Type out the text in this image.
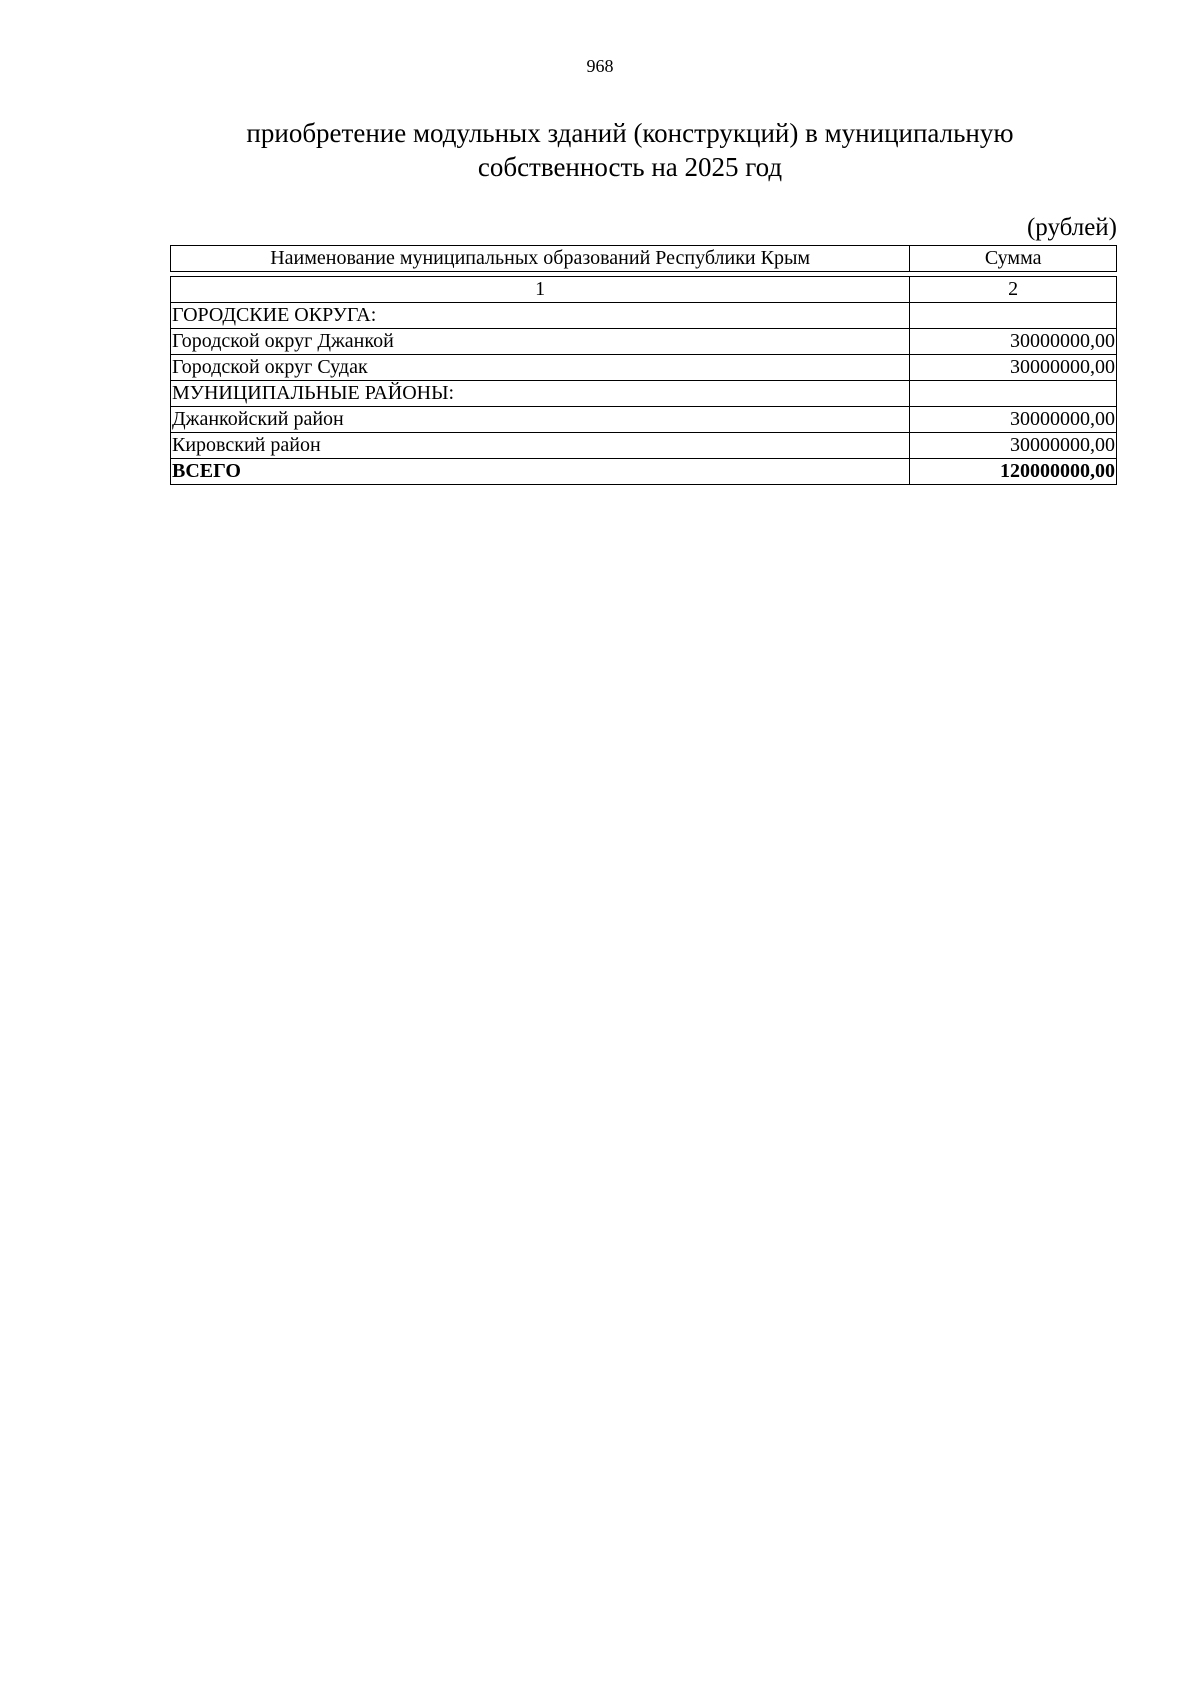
968
приобретение модульных зданий (конструкций) в муниципальную
собственность на 2025 год
(рублей)
Наименование муниципальных образований Республики Крым	Сумма

1	2
ГОРОДСКИЕ ОКРУГА:	
Городской округ Джанкой	30000000,00
Городской округ Судак	30000000,00
МУНИЦИПАЛЬНЫЕ РАЙОНЫ:	
Джанкойский район	30000000,00
Кировский район	30000000,00
ВСЕГО	120000000,00
